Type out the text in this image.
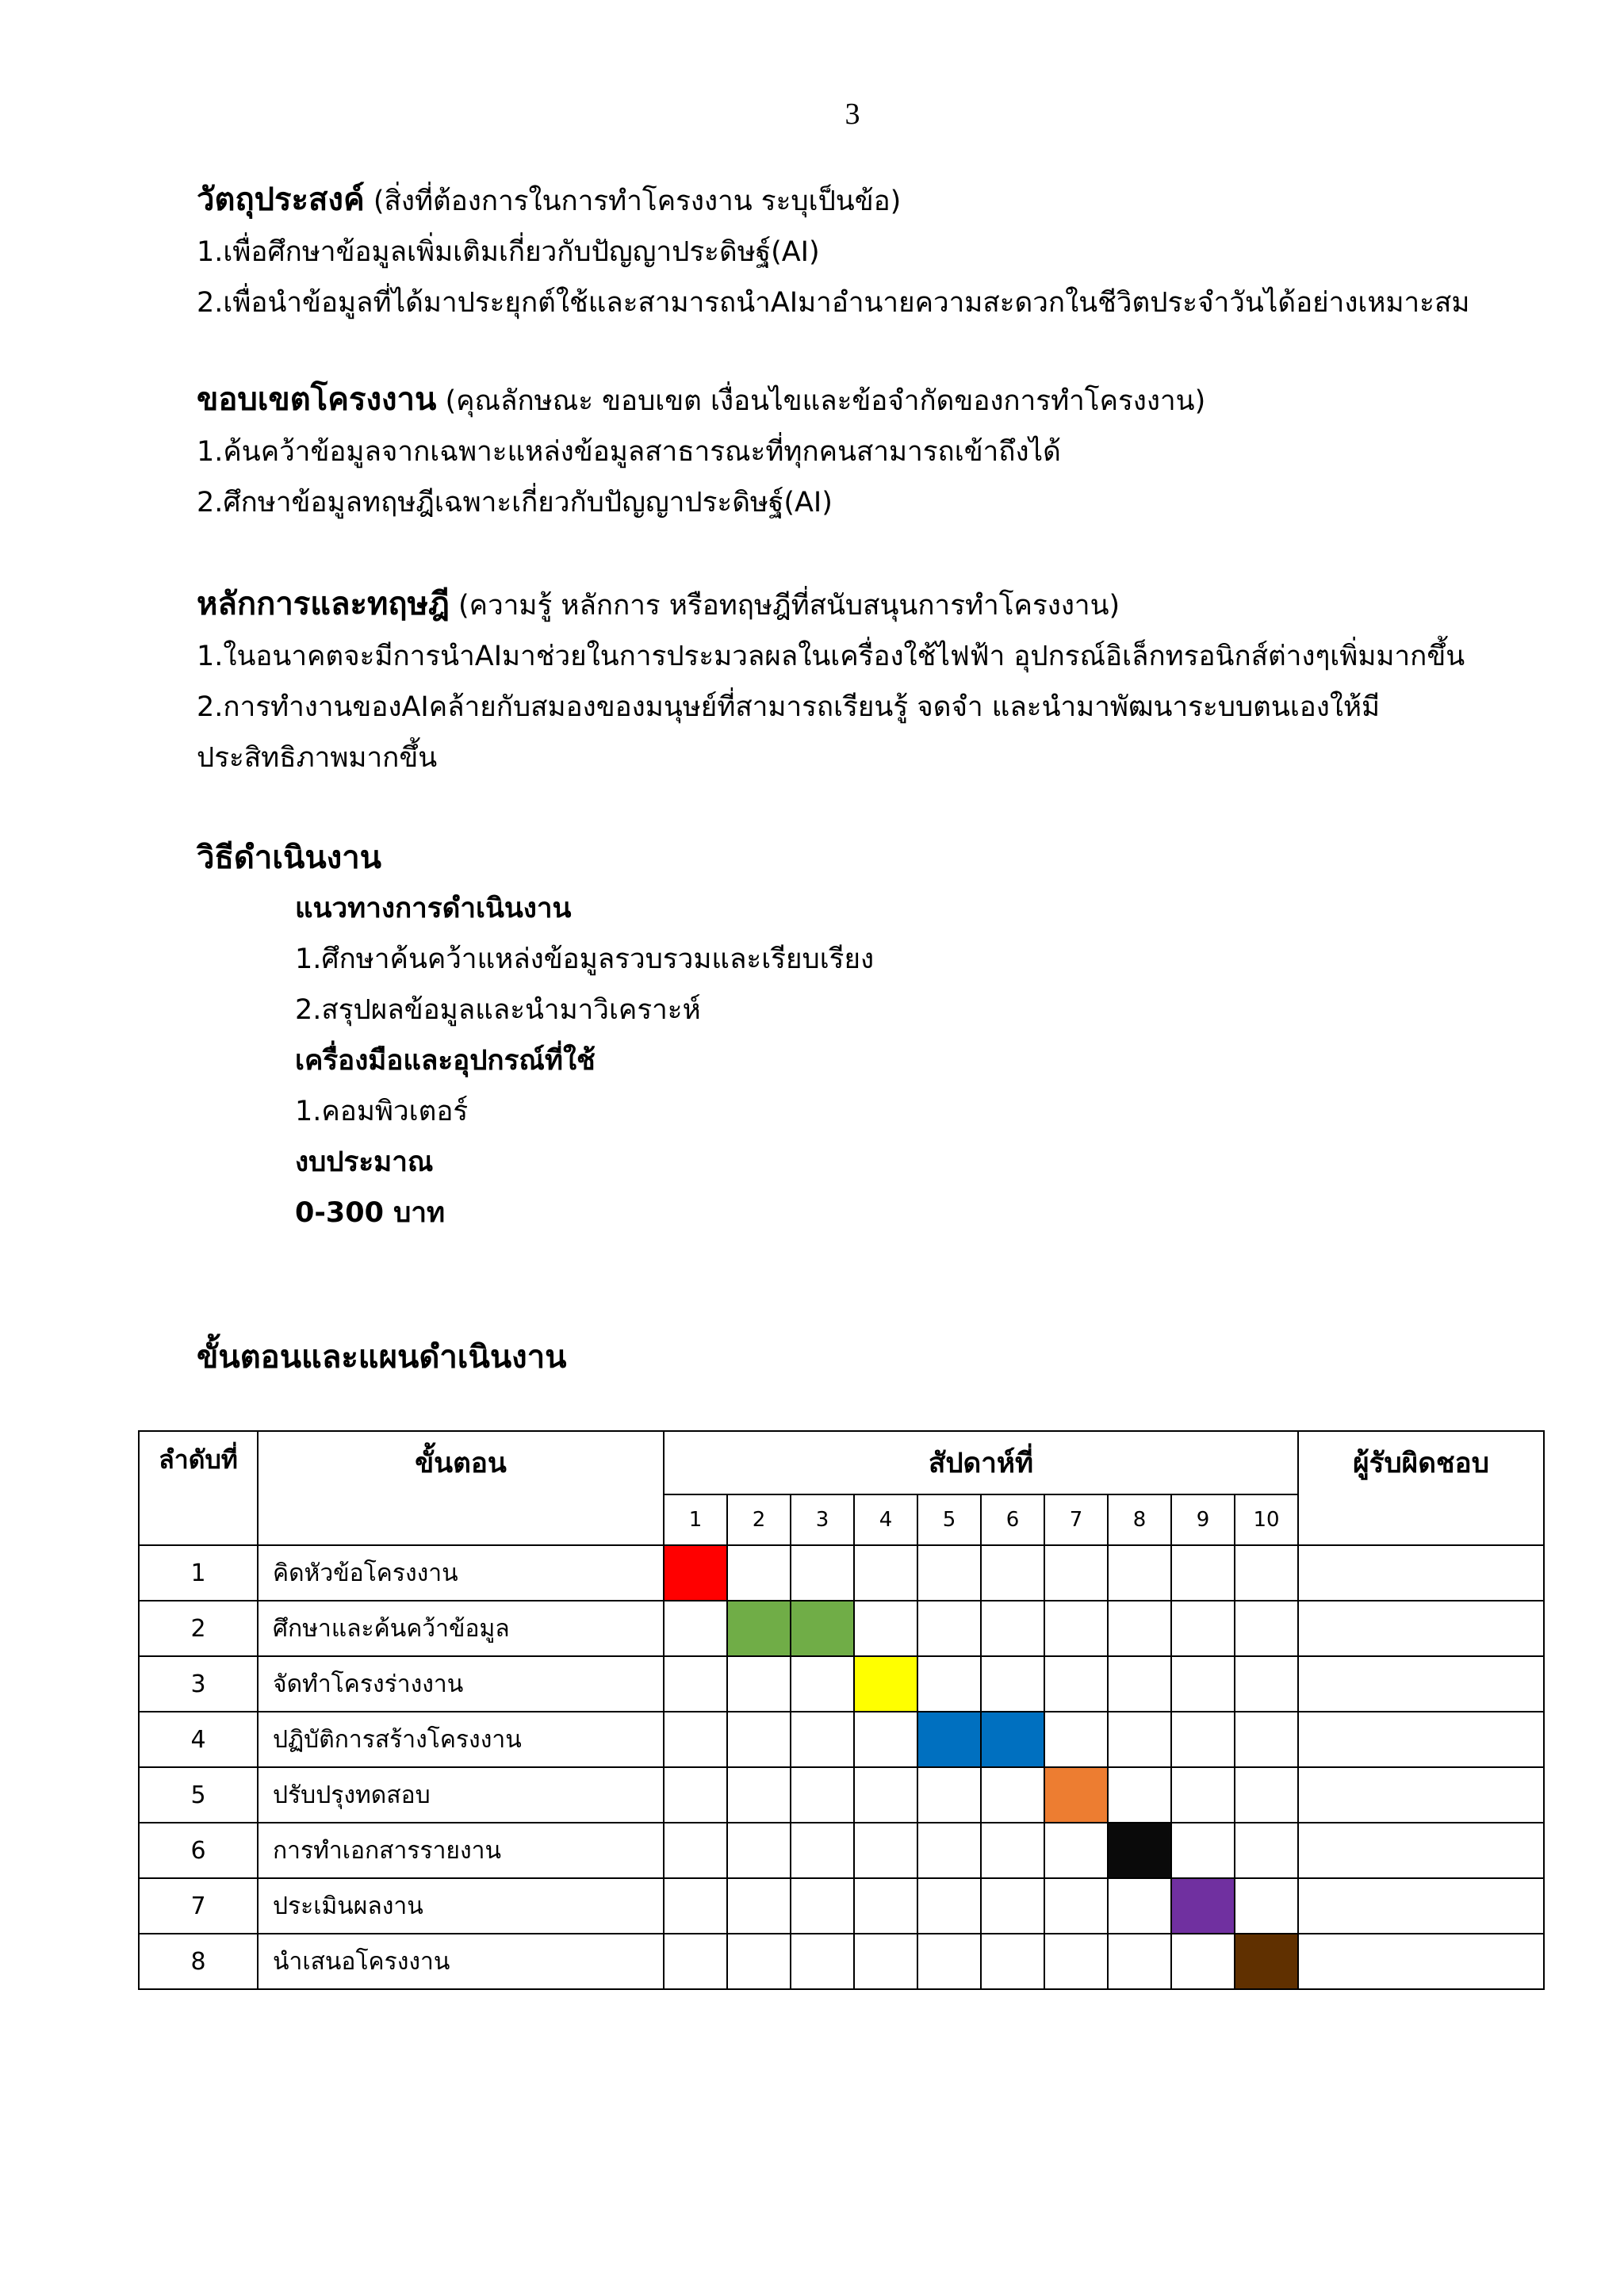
3
วัตถุประสงค์ (สิ่งที่ต้องการในการทำโครงงาน ระบุเป็นข้อ)
1.เพื่อศึกษาข้อมูลเพิ่มเติมเกี่ยวกับปัญญาประดิษฐ์(AI)
2.เพื่อนำข้อมูลที่ได้มาประยุกต์ใช้และสามารถนำAIมาอำนายความสะดวกในชีวิตประจำวันได้อย่างเหมาะสม
ขอบเขตโครงงาน (คุณลักษณะ ขอบเขต เงื่อนไขและข้อจำกัดของการทำโครงงาน)
1.ค้นคว้าข้อมูลจากเฉพาะแหล่งข้อมูลสาธารณะที่ทุกคนสามารถเข้าถึงได้
2.ศึกษาข้อมูลทฤษฎีเฉพาะเกี่ยวกับปัญญาประดิษฐ์(AI)
หลักการและทฤษฎี (ความรู้ หลักการ หรือทฤษฎีที่สนับสนุนการทำโครงงาน)
1.ในอนาคตจะมีการนำAIมาช่วยในการประมวลผลในเครื่องใช้ไฟฟ้า อุปกรณ์อิเล็กทรอนิกส์ต่างๆเพิ่มมากขึ้น
2.การทำงานของAIคล้ายกับสมองของมนุษย์ที่สามารถเรียนรู้ จดจำ และนำมาพัฒนาระบบตนเองให้มีประสิทธิภาพมากขึ้น
วิธีดำเนินงาน
แนวทางการดำเนินงาน
1.ศึกษาค้นคว้าแหล่งข้อมูลรวบรวมและเรียบเรียง
2.สรุปผลข้อมูลและนำมาวิเคราะห์
เครื่องมือและอุปกรณ์ที่ใช้
1.คอมพิวเตอร์
งบประมาณ
0-300 บาท
ขั้นตอนและแผนดำเนินงาน
ลำดับที่	ขั้นตอน	สัปดาห์ที่										ผู้รับผิดชอบ
		1	2	3	4	5	6	7	8	9	10	
1	คิดหัวข้อโครงงาน											
2	ศึกษาและค้นคว้าข้อมูล											
3	จัดทำโครงร่างงาน											
4	ปฏิบัติการสร้างโครงงาน											
5	ปรับปรุงทดสอบ											
6	การทำเอกสารรายงาน											
7	ประเมินผลงาน											
8	นำเสนอโครงงาน											
